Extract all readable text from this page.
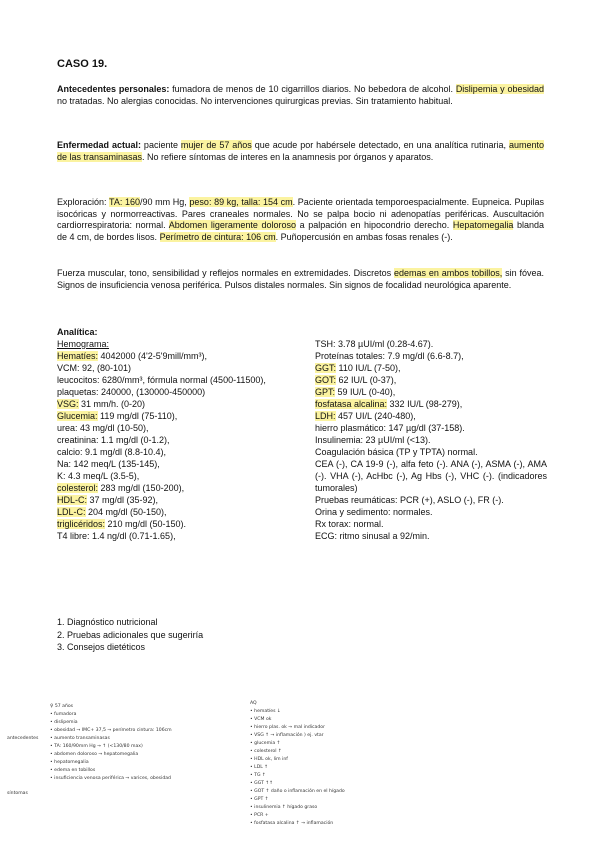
CASO 19.
Antecedentes personales: fumadora de menos de 10 cigarrillos diarios. No bebedora de alcohol. Dislipemia y obesidad no tratadas. No alergias conocidas. No intervenciones quirurgicas previas. Sin tratamiento habitual.
Enfermedad actual: paciente mujer de 57 años que acude por habérsele detectado, en una analítica rutinaria, aumento de las transaminasas. No refiere síntomas de interes en la anamnesis por órganos y aparatos.
Exploración: TA: 160/90 mm Hg, peso: 89 kg, talla: 154 cm. Paciente orientada temporoespacialmente. Eupneica. Pupilas isocóricas y normorreactivas. Pares craneales normales. No se palpa bocio ni adenopatías periféricas. Auscultación cardiorrespiratoria: normal. Abdomen ligeramente doloroso a palpación en hipocondrio derecho. Hepatomegalia blanda de 4 cm, de bordes lisos. Perímetro de cintura: 106 cm. Puñopercusión en ambas fosas renales (-).
Fuerza muscular, tono, sensibilidad y reflejos normales en extremidades. Discretos edemas en ambos tobillos, sin fóvea. Signos de insuficiencia venosa periférica. Pulsos distales normales. Sin signos de focalidad neurológica aparente.
Analítica:
Hemograma:
Hematíes: 4042000 (4'2-5'9mill/mm³),
VCM: 92, (80-101)
leucocitos: 6280/mm³, fórmula normal (4500-11500),
plaquetas: 240000, (130000-450000)
VSG: 31 mm/h. (0-20)
Glucemia: 119 mg/dl (75-110),
urea: 43 mg/dl (10-50),
creatinina: 1.1 mg/dl (0-1.2),
calcio: 9.1 mg/dl (8.8-10.4),
Na: 142 meq/L (135-145),
K: 4.3 meq/L (3.5-5),
colesterol: 283 mg/dl (150-200),
HDL-C: 37 mg/dl (35-92),
LDL-C: 204 mg/dl (50-150),
triglicéridos: 210 mg/dl (50-150).
T4 libre: 1.4 ng/dl (0.71-1.65),
TSH: 3.78 µUI/ml (0.28-4.67).
Proteínas totales: 7.9 mg/dl (6.6-8.7),
GGT: 110 IU/L (7-50),
GOT: 62 IU/L (0-37),
GPT: 59 IU/L (0-40),
fosfatasa alcalina: 332 IU/L (98-279),
LDH: 457 UI/L (240-480),
hierro plasmático: 147 µg/dl (37-158).
Insulinemia: 23 µUI/ml (<13).
Coagulación básica (TP y TPTA) normal.
CEA (-), CA 19-9 (-), alfa feto (-). ANA (-), ASMA (-), AMA (-). VHA (-), AcHbc (-), Ag Hbs (-), VHC (-). (indicadores tumorales)
Pruebas reumáticas: PCR (+), ASLO (-), FR (-).
Orina y sedimento: normales.
Rx torax: normal.
ECG: ritmo sinusal a 92/min.
1. Diagnóstico nutricional
2. Pruebas adicionales que sugeriría
3. Consejos dietéticos
antecedentes
síntomas
♀ 57 años
• fumadora
• dislipemia
• obesidad → IMC+ 37,5 → perímetro cintura: 106cm
• aumento transaminasas
• TA: 160/90mm Hg → ↑ (<130/80 max)
• abdomen doloroso → hepatomegalia
• hepatomegalia
• edema en tobillos
• insuficiencia venosa periférica → varices, obesidad
AQ
• hematíes ↓
• VCM ok
• hierro plas. ok → mal indicador
• VSG ↑ → inflamación ) ej. vtar
• glucemia ↑
• colesterol ↑
• HDL ok, lim inf
• LDL ↑
• TG ↑
• GGT ↑↑
• GOT ↑ daño o inflamación en el hígado
• GPT ↑
• insulinemia ↑ hígado graso
• PCR +
• fosfatasa alcalina ↑ → inflamación
